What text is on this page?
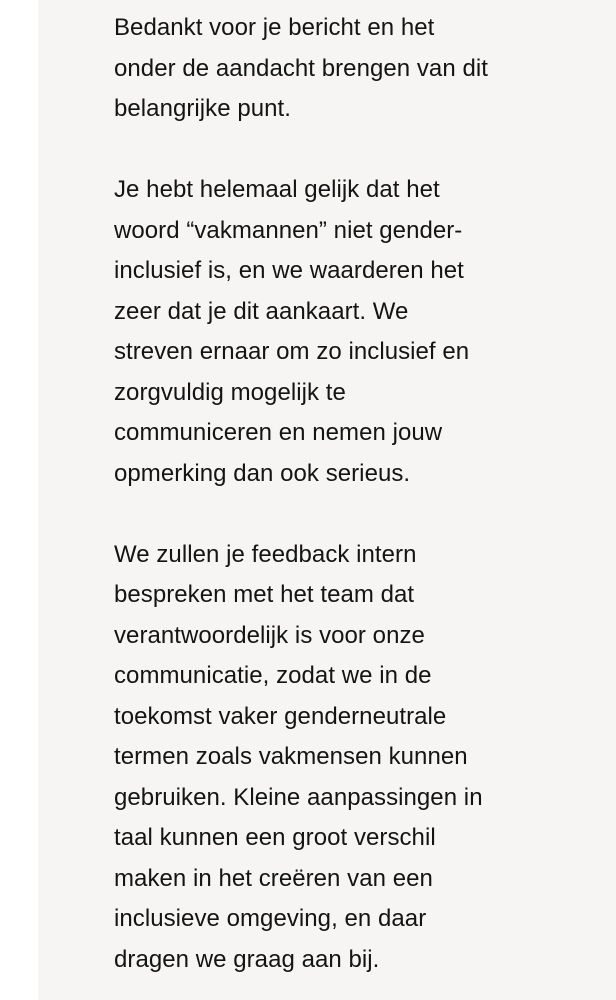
Bedankt voor je bericht en het
onder de aandacht brengen van dit
belangrijke punt.

Je hebt helemaal gelijk dat het
woord “vakmannen” niet gender-
inclusief is, en we waarderen het
zeer dat je dit aankaart. We
streven ernaar om zo inclusief en
zorgvuldig mogelijk te
communiceren en nemen jouw
opmerking dan ook serieus.

We zullen je feedback intern
bespreken met het team dat
verantwoordelijk is voor onze
communicatie, zodat we in de
toekomst vaker genderneutrale
termen zoals vakmensen kunnen
gebruiken. Kleine aanpassingen in
taal kunnen een groot verschil
maken in het creëren van een
inclusieve omgeving, en daar
dragen we graag aan bij.
